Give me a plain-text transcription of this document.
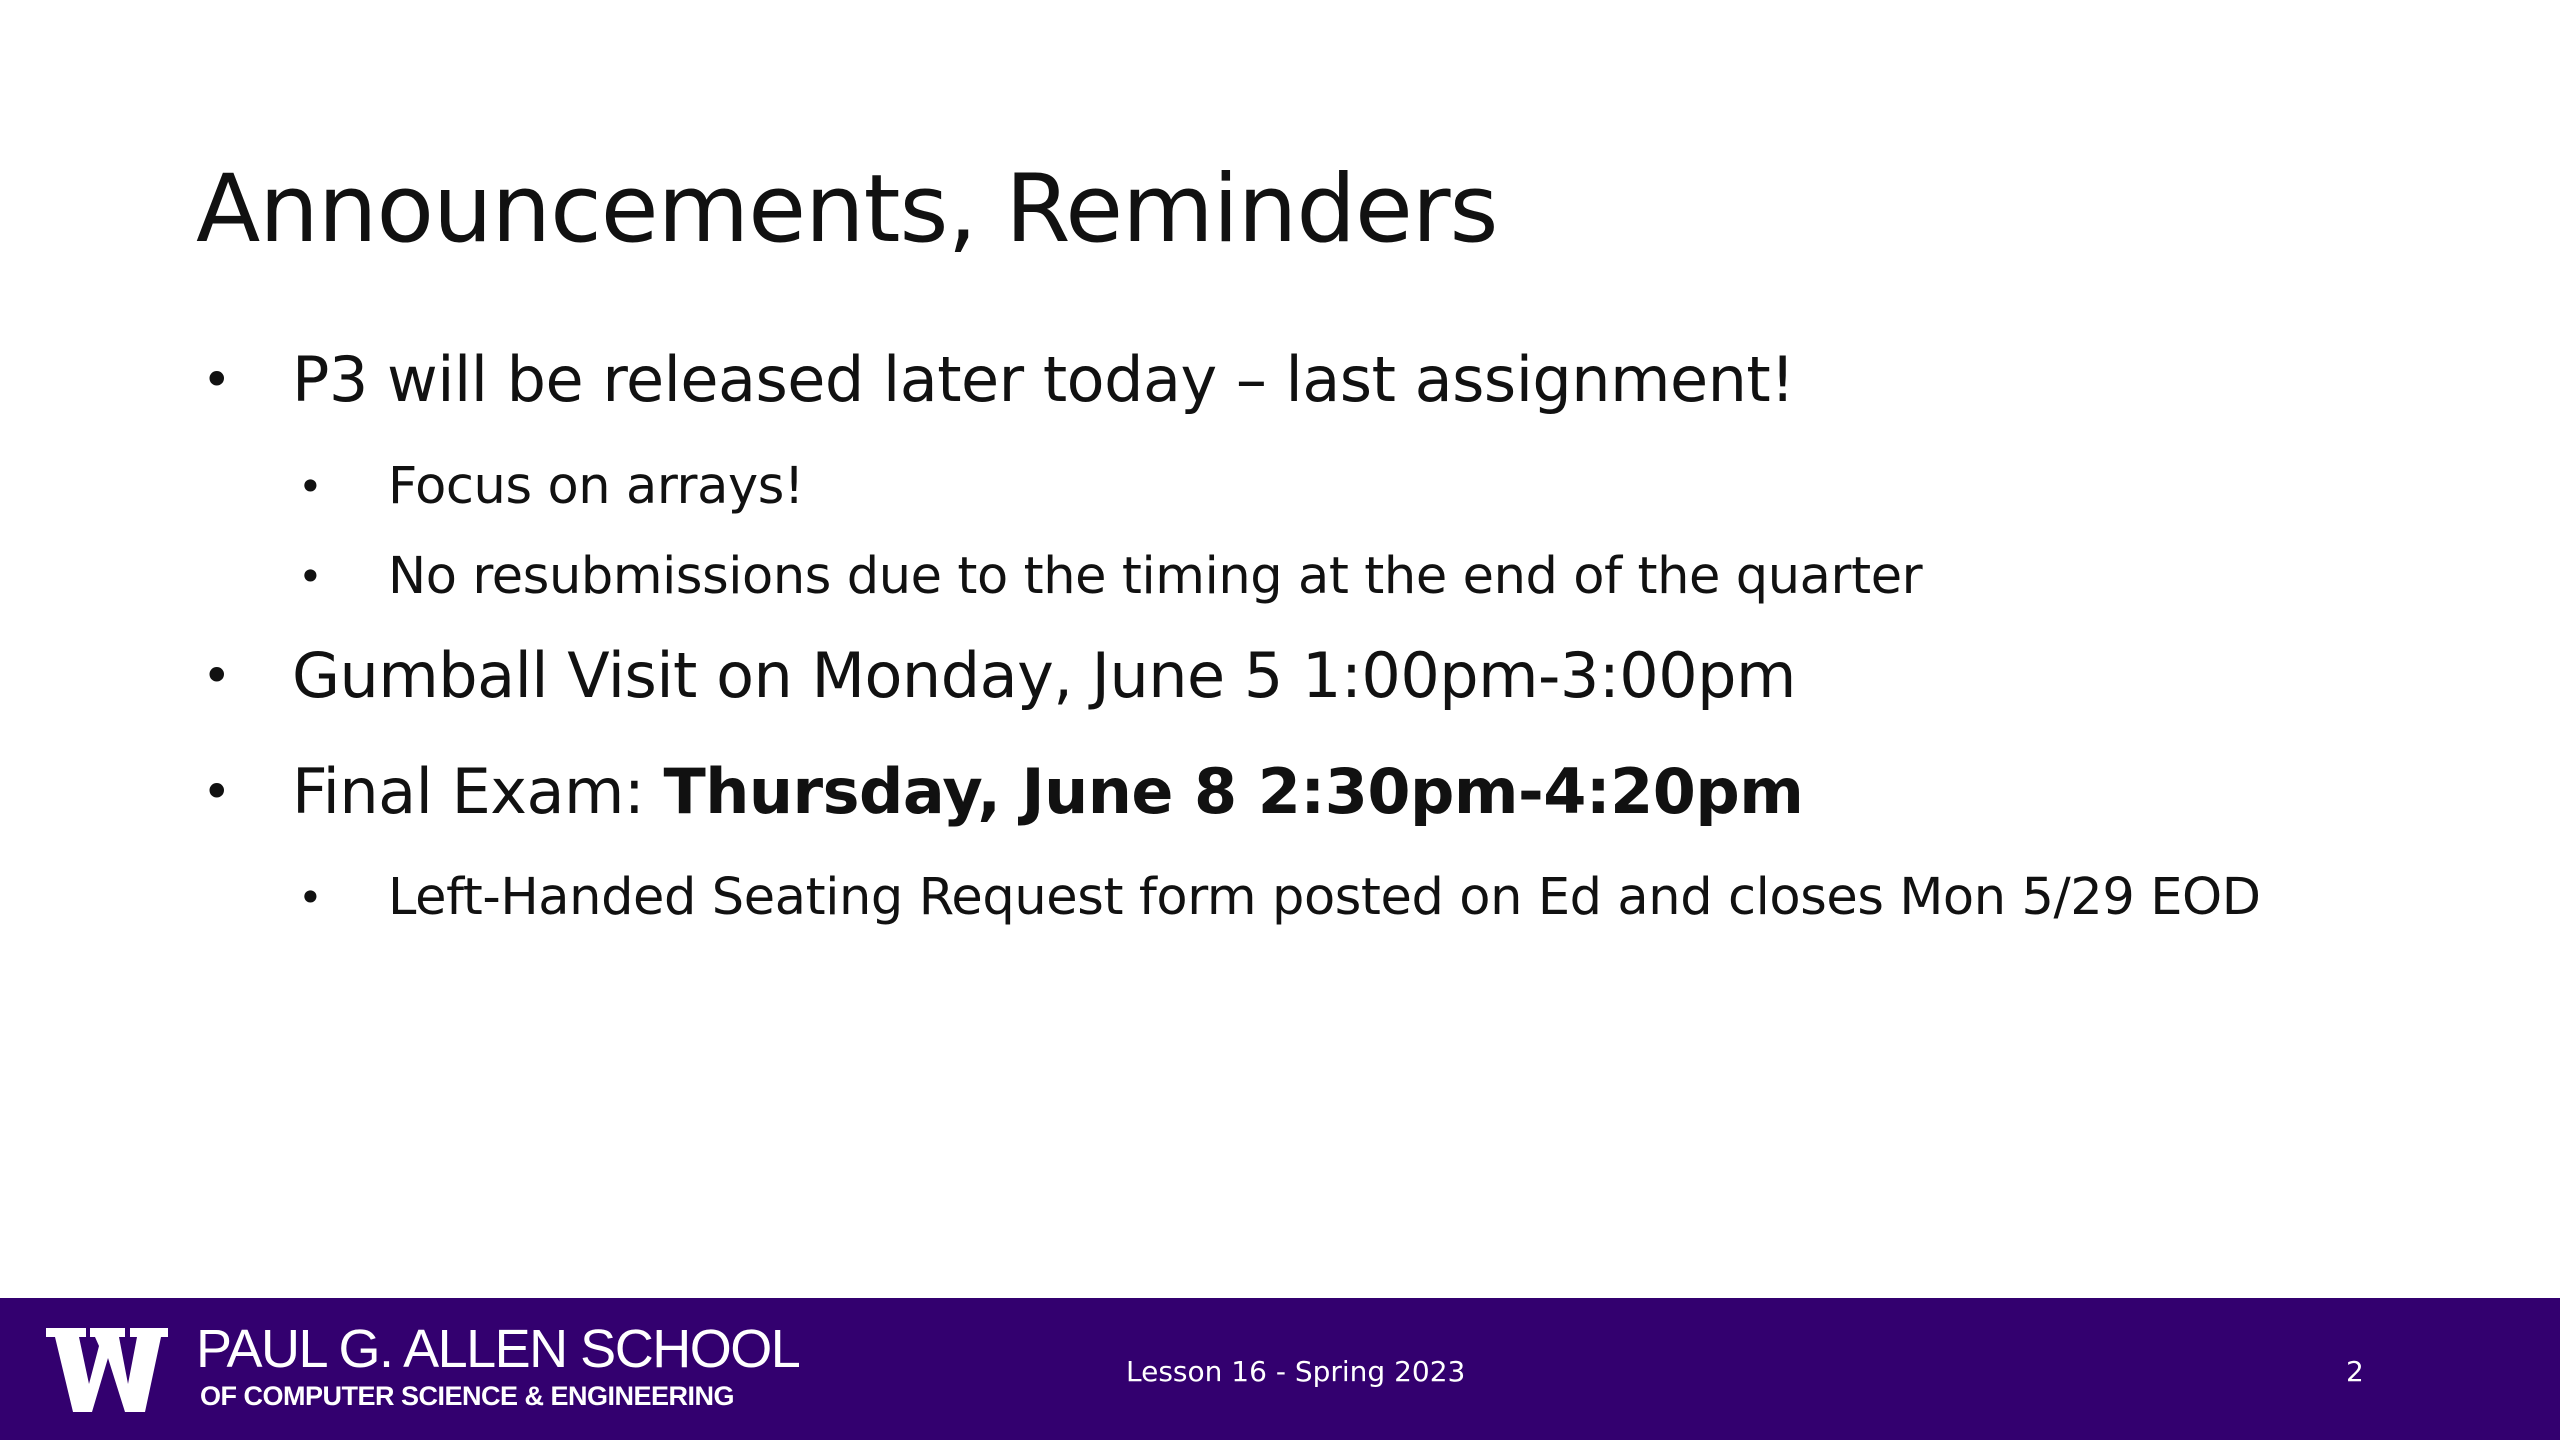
Announcements, Reminders
• P3 will be released later today – last assignment!
• Focus on arrays!
• No resubmissions due to the timing at the end of the quarter
• Gumball Visit on Monday, June 5 1:00pm-3:00pm
• Final Exam: Thursday, June 8 2:30pm-4:20pm
• Left-Handed Seating Request form posted on Ed and closes Mon 5/29 EOD
PAUL G. ALLEN SCHOOL
OF COMPUTER SCIENCE & ENGINEERING
Lesson 16 - Spring 2023	2
